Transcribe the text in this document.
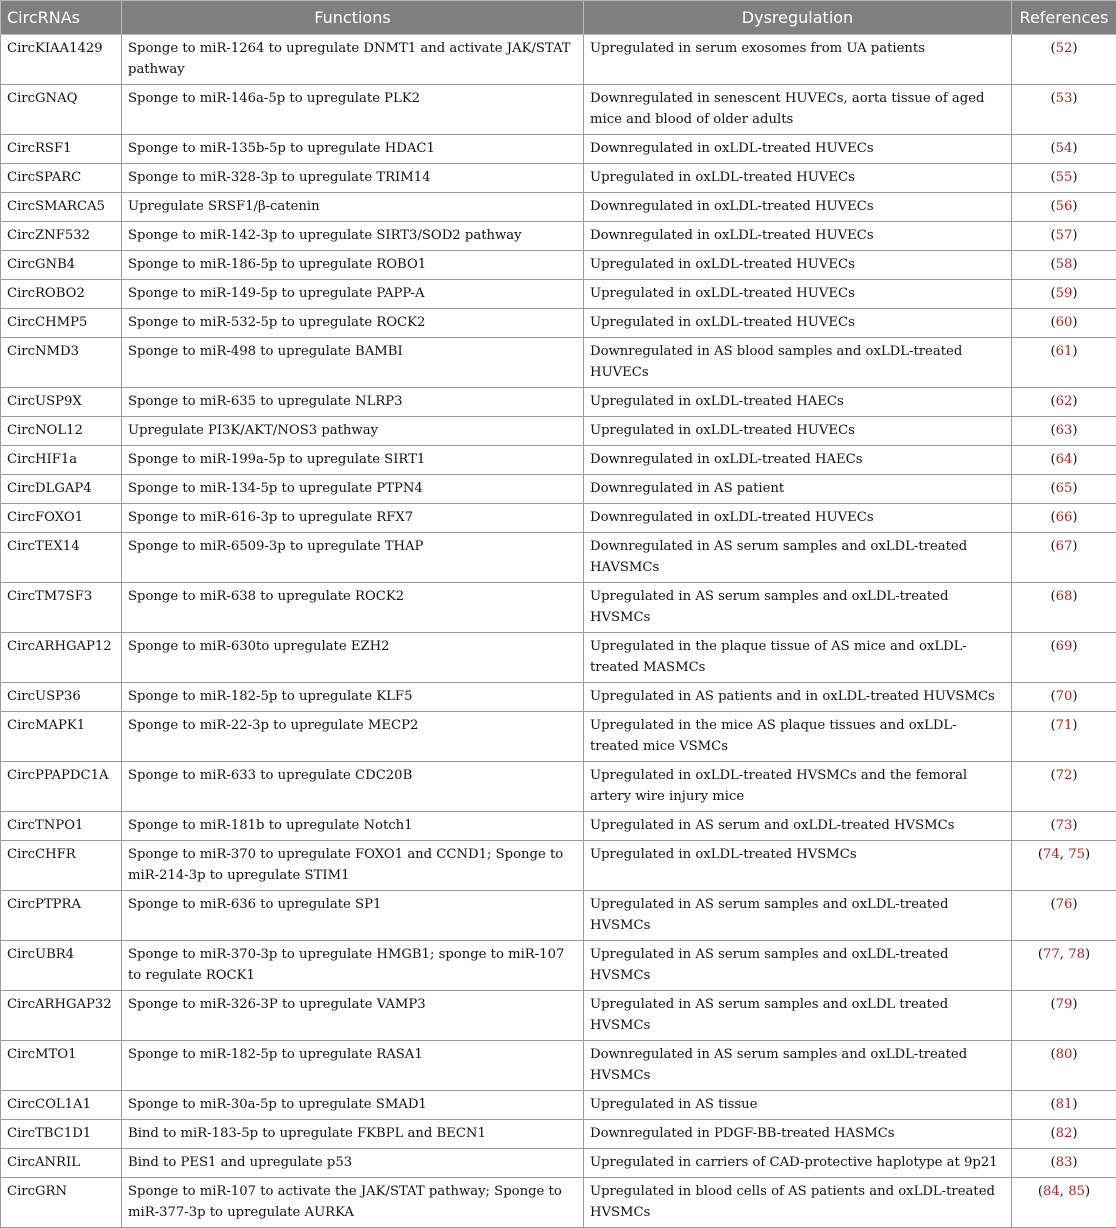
CircRNAs	Functions	Dysregulation	References
CircKIAA1429	Sponge to miR-1264 to upregulate DNMT1 and activate JAK/STAT pathway	Upregulated in serum exosomes from UA patients	(52)
CircGNAQ	Sponge to miR-146a-5p to upregulate PLK2	Downregulated in senescent HUVECs, aorta tissue of aged mice and blood of older adults	(53)
CircRSF1	Sponge to miR-135b-5p to upregulate HDAC1	Downregulated in oxLDL-treated HUVECs	(54)
CircSPARC	Sponge to miR-328-3p to upregulate TRIM14	Upregulated in oxLDL-treated HUVECs	(55)
CircSMARCA5	Upregulate SRSF1/β-catenin	Downregulated in oxLDL-treated HUVECs	(56)
CircZNF532	Sponge to miR-142-3p to upregulate SIRT3/SOD2 pathway	Downregulated in oxLDL-treated HUVECs	(57)
CircGNB4	Sponge to miR-186-5p to upregulate ROBO1	Upregulated in oxLDL-treated HUVECs	(58)
CircROBO2	Sponge to miR-149-5p to upregulate PAPP-A	Upregulated in oxLDL-treated HUVECs	(59)
CircCHMP5	Sponge to miR-532-5p to upregulate ROCK2	Upregulated in oxLDL-treated HUVECs	(60)
CircNMD3	Sponge to miR-498 to upregulate BAMBI	Downregulated in AS blood samples and oxLDL-treated HUVECs	(61)
CircUSP9X	Sponge to miR-635 to upregulate NLRP3	Upregulated in oxLDL-treated HAECs	(62)
CircNOL12	Upregulate PI3K/AKT/NOS3 pathway	Upregulated in oxLDL-treated HUVECs	(63)
CircHIF1a	Sponge to miR-199a-5p to upregulate SIRT1	Downregulated in oxLDL-treated HAECs	(64)
CircDLGAP4	Sponge to miR-134-5p to upregulate PTPN4	Downregulated in AS patient	(65)
CircFOXO1	Sponge to miR-616-3p to upregulate RFX7	Downregulated in oxLDL-treated HUVECs	(66)
CircTEX14	Sponge to miR-6509-3p to upregulate THAP	Downregulated in AS serum samples and oxLDL-treated HAVSMCs	(67)
CircTM7SF3	Sponge to miR-638 to upregulate ROCK2	Upregulated in AS serum samples and oxLDL-treated HVSMCs	(68)
CircARHGAP12	Sponge to miR-630to upregulate EZH2	Upregulated in the plaque tissue of AS mice and oxLDL-treated MASMCs	(69)
CircUSP36	Sponge to miR-182-5p to upregulate KLF5	Upregulated in AS patients and in oxLDL-treated HUVSMCs	(70)
CircMAPK1	Sponge to miR-22-3p to upregulate MECP2	Upregulated in the mice AS plaque tissues and oxLDL-treated mice VSMCs	(71)
CircPPAPDC1A	Sponge to miR-633 to upregulate CDC20B	Upregulated in oxLDL-treated HVSMCs and the femoral artery wire injury mice	(72)
CircTNPO1	Sponge to miR-181b to upregulate Notch1	Upregulated in AS serum and oxLDL-treated HVSMCs	(73)
CircCHFR	Sponge to miR-370 to upregulate FOXO1 and CCND1; Sponge to miR-214-3p to upregulate STIM1	Upregulated in oxLDL-treated HVSMCs	(74, 75)
CircPTPRA	Sponge to miR-636 to upregulate SP1	Upregulated in AS serum samples and oxLDL-treated HVSMCs	(76)
CircUBR4	Sponge to miR-370-3p to upregulate HMGB1; sponge to miR-107 to regulate ROCK1	Upregulated in AS serum samples and oxLDL-treated HVSMCs	(77, 78)
CircARHGAP32	Sponge to miR-326-3P to upregulate VAMP3	Upregulated in AS serum samples and oxLDL treated HVSMCs	(79)
CircMTO1	Sponge to miR-182-5p to upregulate RASA1	Downregulated in AS serum samples and oxLDL-treated HVSMCs	(80)
CircCOL1A1	Sponge to miR-30a-5p to upregulate SMAD1	Upregulated in AS tissue	(81)
CircTBC1D1	Bind to miR-183-5p to upregulate FKBPL and BECN1	Downregulated in PDGF-BB-treated HASMCs	(82)
CircANRIL	Bind to PES1 and upregulate p53	Upregulated in carriers of CAD-protective haplotype at 9p21	(83)
CircGRN	Sponge to miR-107 to activate the JAK/STAT pathway; Sponge to miR-377-3p to upregulate AURKA	Upregulated in blood cells of AS patients and oxLDL-treated HVSMCs	(84, 85)
